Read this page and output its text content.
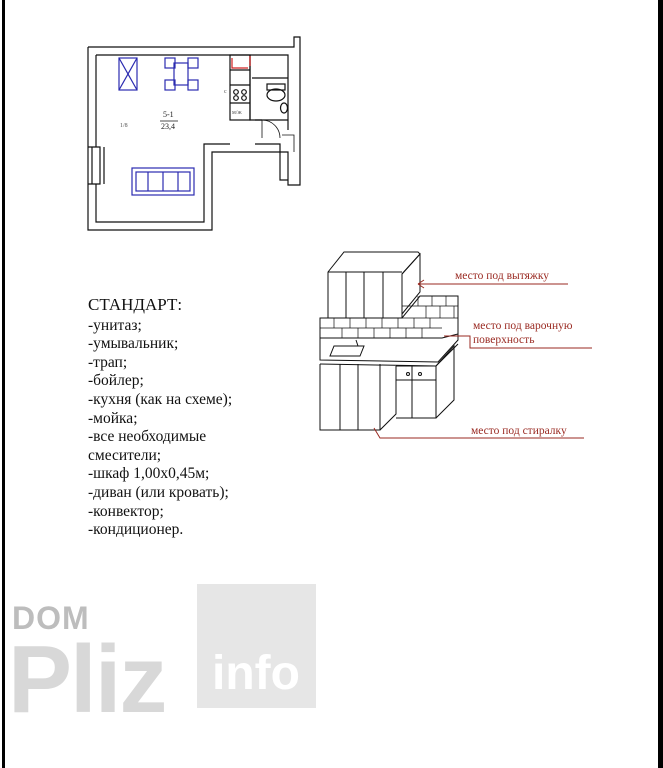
5-1
23,4
1/8
м/ж
с
место под вытяжку
место под варочную
поверхность
место под стиралку
СТАНДАРТ:
-унитаз;
-умывальник;
-трап;
-бойлер;
-кухня (как на схеме);
-мойка;
-все необходимые
смесители;
-шкаф 1,00х0,45м;
-диван (или кровать);
-конвектор;
-кондиционер.
DOM
Pliz info
